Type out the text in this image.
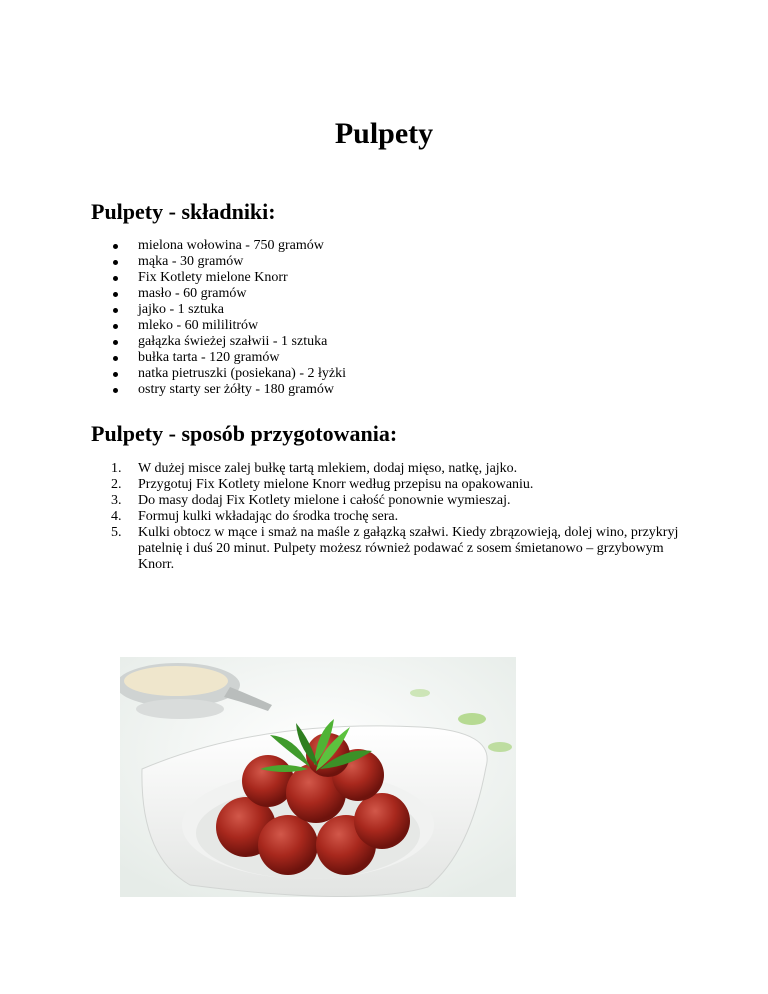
Pulpety
Pulpety - składniki:
mielona wołowina - 750 gramów
mąka - 30 gramów
Fix Kotlety mielone Knorr
masło - 60 gramów
jajko - 1 sztuka
mleko - 60 mililitrów
gałązka świeżej szałwii - 1 sztuka
bułka tarta - 120 gramów
natka pietruszki (posiekana) - 2 łyżki
ostry starty ser żółty - 180 gramów
Pulpety - sposób przygotowania:
1. W dużej misce zalej bułkę tartą mlekiem, dodaj mięso, natkę, jajko.
2. Przygotuj Fix Kotlety mielone Knorr według przepisu na opakowaniu.
3. Do masy dodaj Fix Kotlety mielone i całość ponownie wymieszaj.
4. Formuj kulki wkładając do środka trochę sera.
5. Kulki obtocz w mące i smaż na maśle z gałązką szałwi. Kiedy zbrązowieją, dolej wino, przykryj patelnię i duś 20 minut. Pulpety możesz również podawać z sosem śmietanowo – grzybowym Knorr.
